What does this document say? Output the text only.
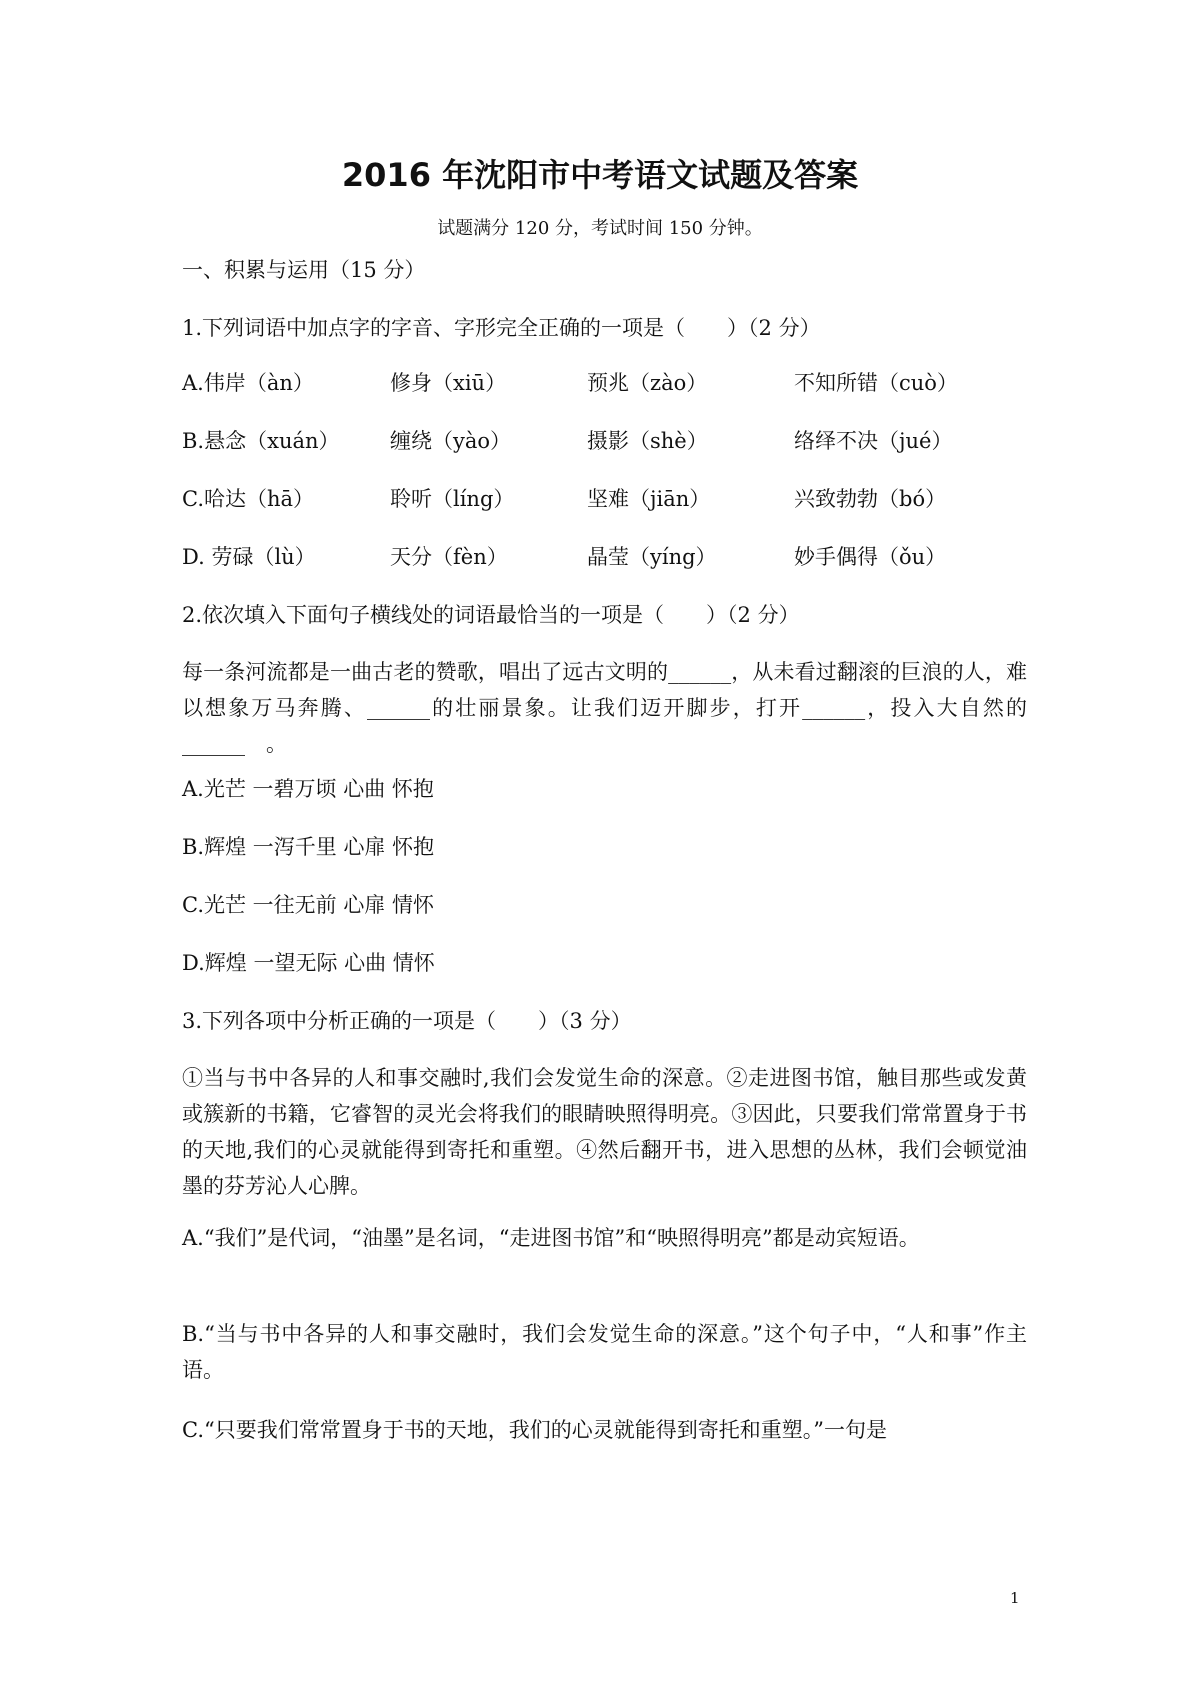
2016 年沈阳市中考语文试题及答案

试题满分 120 分，考试时间 150 分钟。

一、积累与运用（15 分）

1.下列词语中加点字的字音、字形完全正确的一项是（　　）（2 分）

A.伟岸（àn）	修身（xiū）	预兆（zào）	不知所错（cuò）
B.悬念（xuán） 缠绕（yào）	摄影（shè）	络绎不决（jué）
C.哈达（hā）	聆听（líng）	坚难（jiān）	兴致勃勃（bó）
D. 劳碌（lù）	天分（fèn）	晶莹（yíng）	妙手偶得（ǒu）

2.依次填入下面句子横线处的词语最恰当的一项是（　　）（2 分）

每一条河流都是一曲古老的赞歌，唱出了远古文明的______，从未看过翻滚的巨浪的人，难以想象万马奔腾、______的壮丽景象。让我们迈开脚步，打开______，投入大自然的______　。

A.光芒 一碧万顷 心曲 怀抱

B.辉煌 一泻千里 心扉 怀抱

C.光芒 一往无前 心扉 情怀

D.辉煌 一望无际 心曲 情怀

3.下列各项中分析正确的一项是（　　）（3 分）

①当与书中各异的人和事交融时,我们会发觉生命的深意。②走进图书馆，触目那些或发黄或簇新的书籍，它睿智的灵光会将我们的眼睛映照得明亮。③因此，只要我们常常置身于书的天地,我们的心灵就能得到寄托和重塑。④然后翻开书，进入思想的丛林，我们会顿觉油墨的芬芳沁人心脾。

A.“我们”是代词，“油墨”是名词，“走进图书馆”和“映照得明亮”都是动宾短语。

B.“当与书中各异的人和事交融时，我们会发觉生命的深意。”这个句子中，“人和事”作主语。

C.“只要我们常常置身于书的天地，我们的心灵就能得到寄托和重塑。”一句是

1
